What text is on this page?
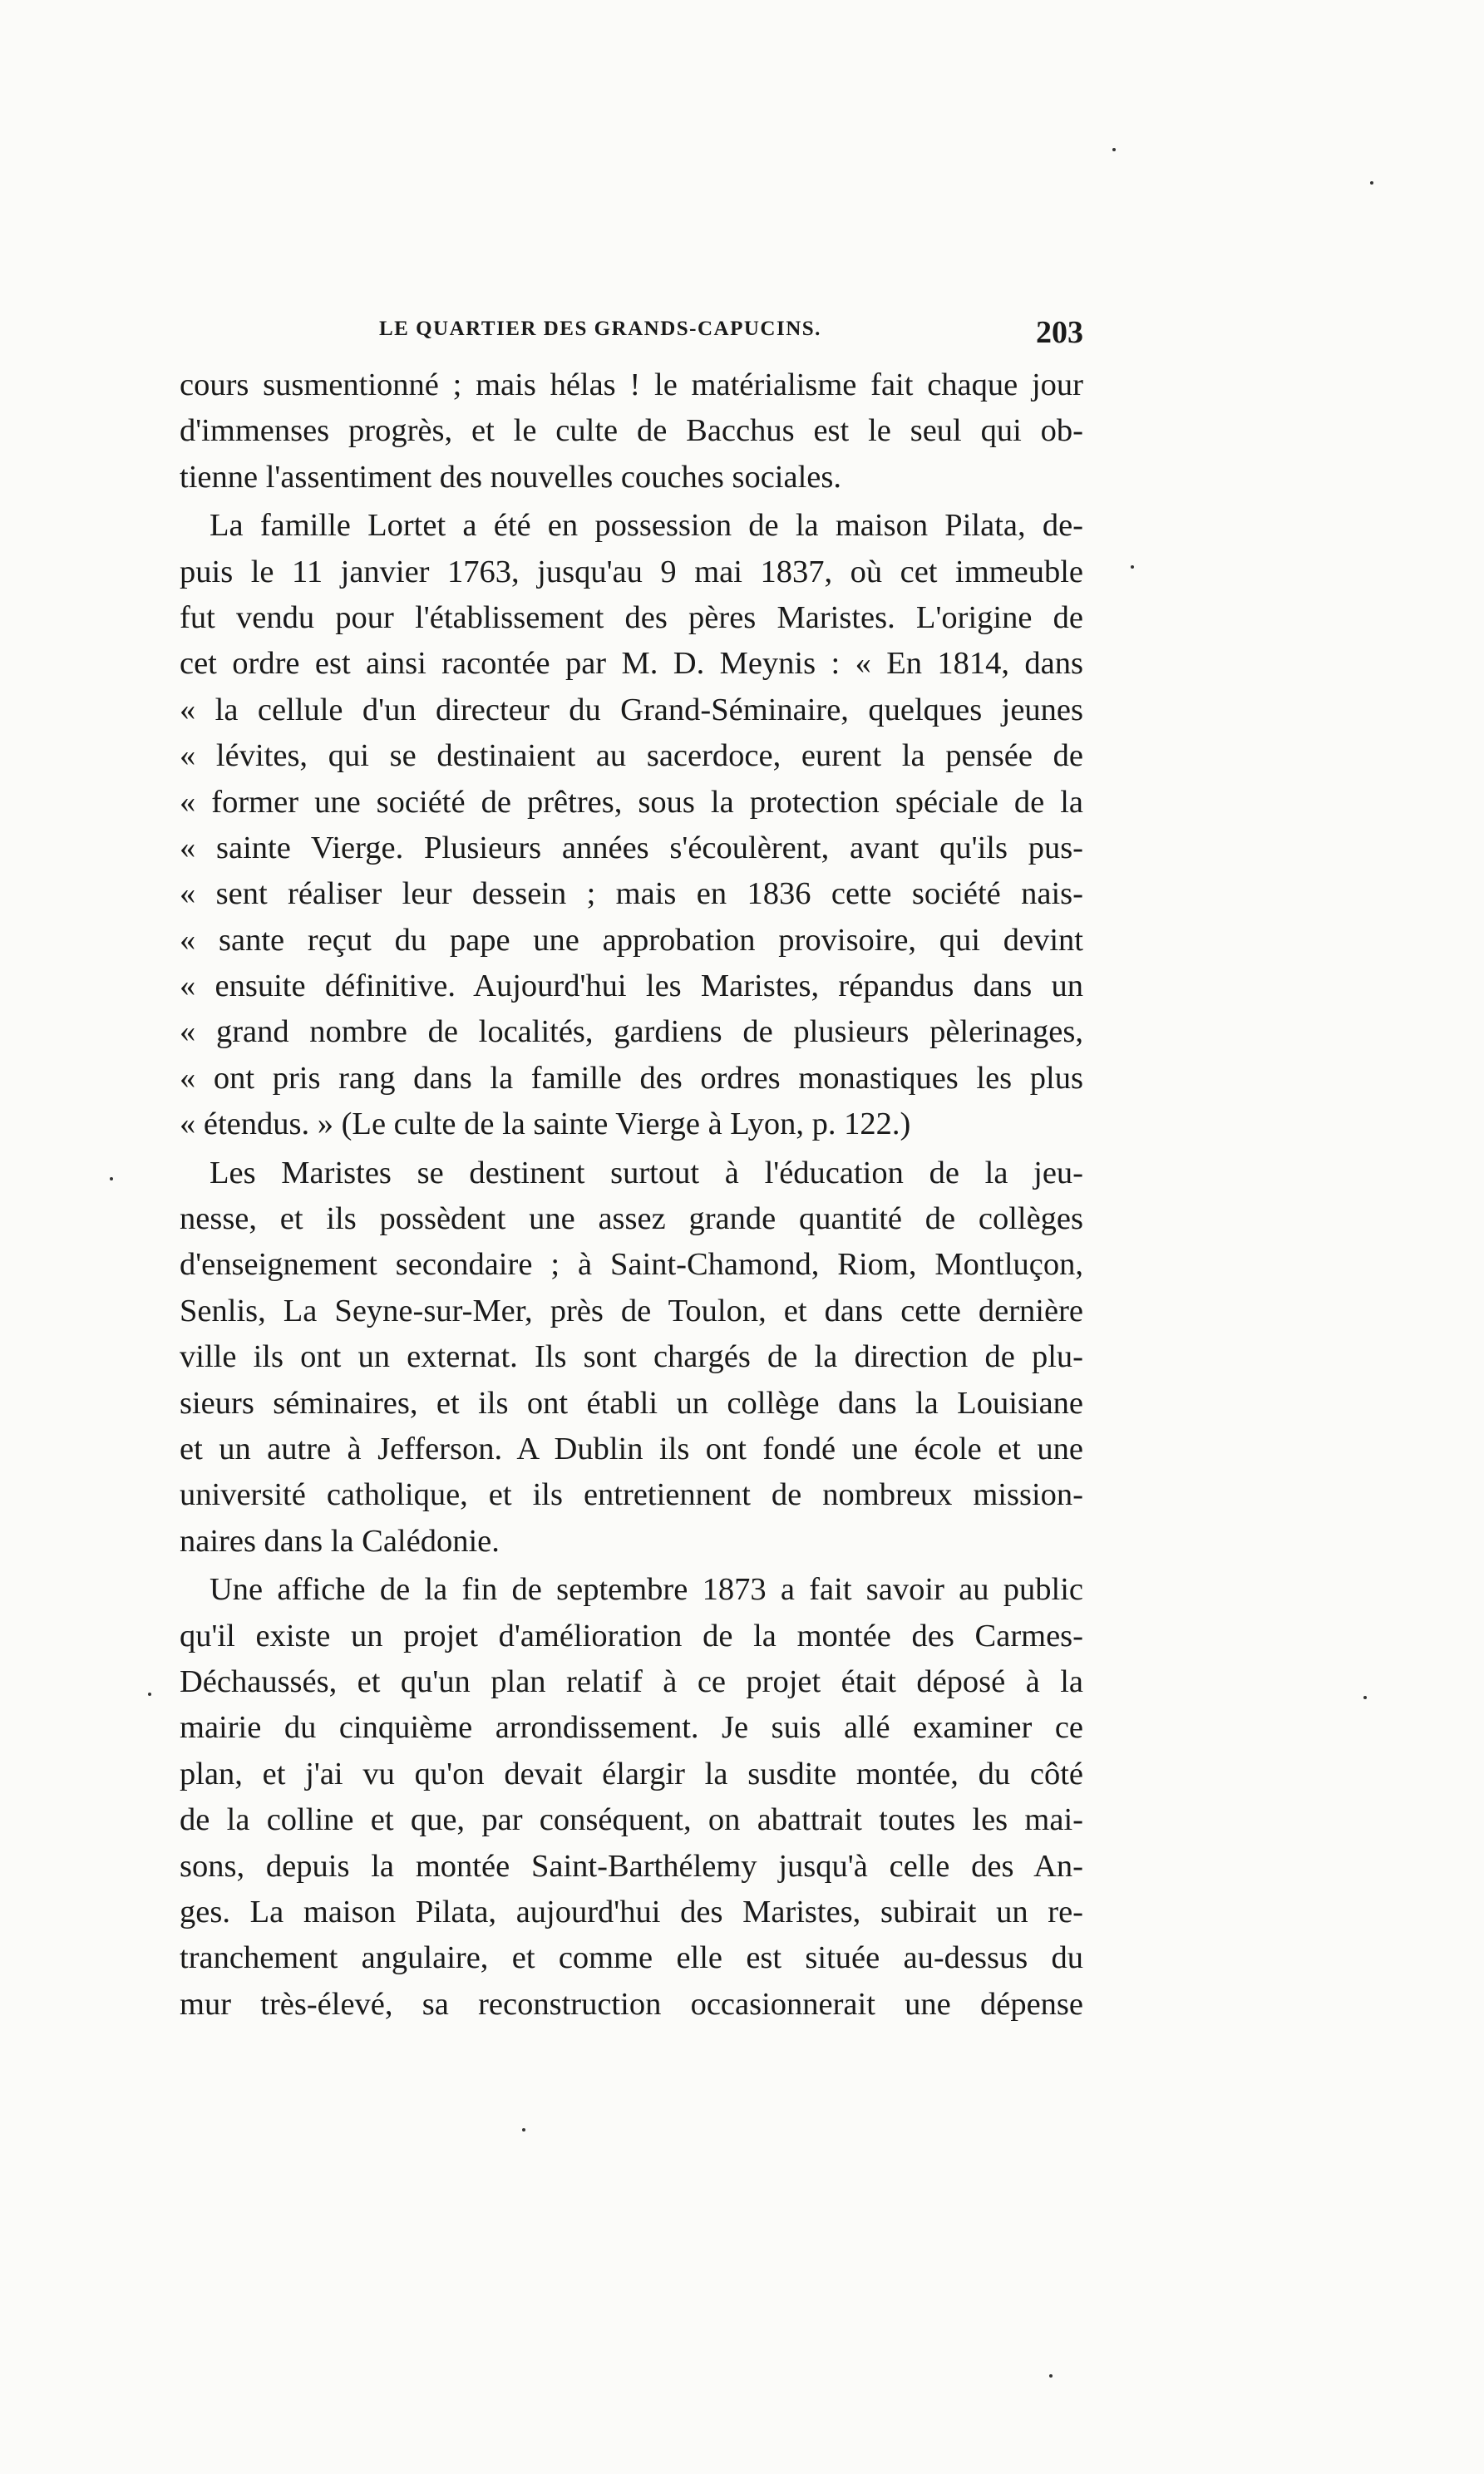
LE QUARTIER DES GRANDS-CAPUCINS.	203
cours susmentionné ; mais hélas ! le matérialisme fait chaque jour
d'immenses progrès, et le culte de Bacchus est le seul qui ob-
tienne l'assentiment des nouvelles couches sociales.
La famille Lortet a été en possession de la maison Pilata, de-
puis le 11 janvier 1763, jusqu'au 9 mai 1837, où cet immeuble
fut vendu pour l'établissement des pères Maristes. L'origine de
cet ordre est ainsi racontée par M. D. Meynis : « En 1814, dans
« la cellule d'un directeur du Grand-Séminaire, quelques jeunes
« lévites, qui se destinaient au sacerdoce, eurent la pensée de
« former une société de prêtres, sous la protection spéciale de la
« sainte Vierge. Plusieurs années s'écoulèrent, avant qu'ils pus-
« sent réaliser leur dessein ; mais en 1836 cette société nais-
« sante reçut du pape une approbation provisoire, qui devint
« ensuite définitive. Aujourd'hui les Maristes, répandus dans un
« grand nombre de localités, gardiens de plusieurs pèlerinages,
« ont pris rang dans la famille des ordres monastiques les plus
« étendus. » (Le culte de la sainte Vierge à Lyon, p. 122.)
Les Maristes se destinent surtout à l'éducation de la jeu-
nesse, et ils possèdent une assez grande quantité de collèges
d'enseignement secondaire ; à Saint-Chamond, Riom, Montluçon,
Senlis, La Seyne-sur-Mer, près de Toulon, et dans cette dernière
ville ils ont un externat. Ils sont chargés de la direction de plu-
sieurs séminaires, et ils ont établi un collège dans la Louisiane
et un autre à Jefferson. A Dublin ils ont fondé une école et une
université catholique, et ils entretiennent de nombreux mission-
naires dans la Calédonie.
Une affiche de la fin de septembre 1873 a fait savoir au public
qu'il existe un projet d'amélioration de la montée des Carmes-
Déchaussés, et qu'un plan relatif à ce projet était déposé à la
mairie du cinquième arrondissement. Je suis allé examiner ce
plan, et j'ai vu qu'on devait élargir la susdite montée, du côté
de la colline et que, par conséquent, on abattrait toutes les mai-
sons, depuis la montée Saint-Barthélemy jusqu'à celle des An-
ges. La maison Pilata, aujourd'hui des Maristes, subirait un re-
tranchement angulaire, et comme elle est située au-dessus du
mur très-élevé, sa reconstruction occasionnerait une dépense
